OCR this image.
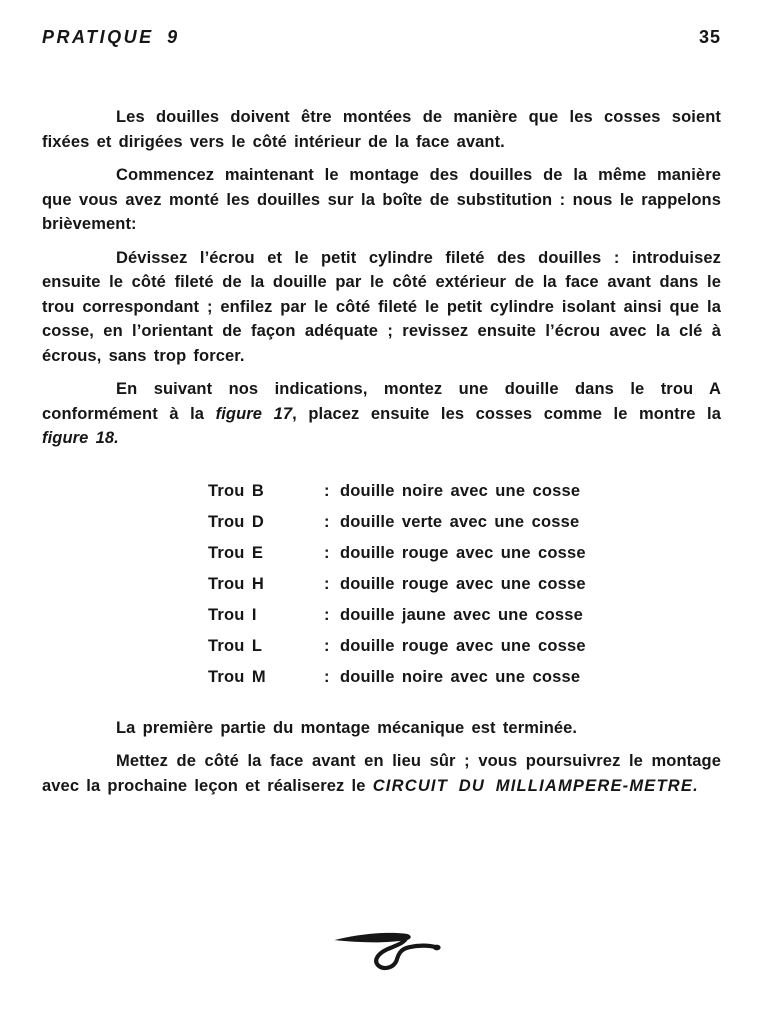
PRATIQUE 9	35

Les douilles doivent être montées de manière que les cosses soient fixées et dirigées vers le côté intérieur de la face avant.

Commencez maintenant le montage des douilles de la même manière que vous avez monté les douilles sur la boîte de substitution : nous le rappelons brièvement:

Dévissez l’écrou et le petit cylindre fileté des douilles : introduisez ensuite le côté fileté de la douille par le côté extérieur de la face avant dans le trou correspondant ; enfilez par le côté fileté le petit cylindre isolant ainsi que la cosse, en l’orientant de façon adéquate ; revissez ensuite l’écrou avec la clé à écrous, sans trop forcer.

En suivant nos indications, montez une douille dans le trou A conformément à la figure 17, placez ensuite les cosses comme le montre la figure 18.

Trou B	: douille noire avec une cosse
Trou D	: douille verte avec une cosse
Trou E	: douille rouge avec une cosse
Trou H	: douille rouge avec une cosse
Trou I	: douille jaune avec une cosse
Trou L	: douille rouge avec une cosse
Trou M	: douille noire avec une cosse

La première partie du montage mécanique est terminée.

Mettez de côté la face avant en lieu sûr ; vous poursuivrez le montage avec la prochaine leçon et réaliserez le CIRCUIT DU MILLIAMPERE-METRE.
